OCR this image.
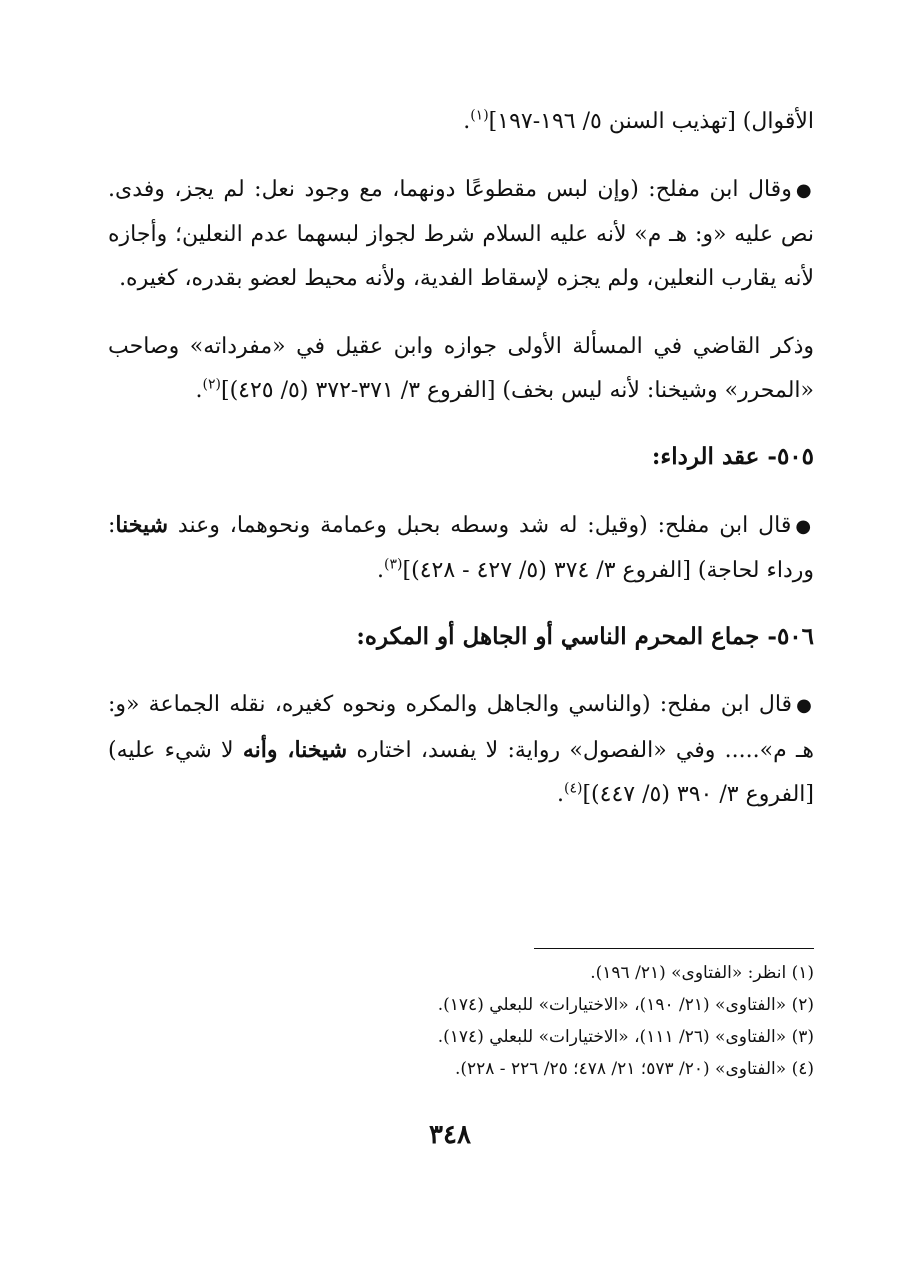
الأقوال) [تهذيب السنن ٥/ ١٩٦-١٩٧]$^{(١)}$.

●وقال ابن مفلح: (وإن لبس مقطوعًا دونهما، مع وجود نعل: لم يجز، وفدى. نص عليه «و: هـ م» لأنه عليه السلام شرط لجواز لبسهما عدم النعلين؛ وأجازه لأنه يقارب النعلين، ولم يجزه لإسقاط الفدية، ولأنه محيط لعضو بقدره، كغيره.

وذكر القاضي في المسألة الأولى جوازه وابن عقيل في «مفرداته» وصاحب «المحرر» وشيخنا: لأنه ليس بخف) [الفروع ٣/ ٣٧١-٣٧٢ (٥/ ٤٢٥)]$^{(٢)}$.

٥٠٥- عقد الرداء:

●قال ابن مفلح: (وقيل: له شد وسطه بحبل وعمامة ونحوهما، وعند شيخنا: ورداء لحاجة) [الفروع ٣/ ٣٧٤ (٥/ ٤٢٧ - ٤٢٨)]$^{(٣)}$.

٥٠٦- جماع المحرم الناسي أو الجاهل أو المكره:

●قال ابن مفلح: (والناسي والجاهل والمكره ونحوه كغيره، نقله الجماعة «و: هـ م»..... وفي «الفصول» رواية: لا يفسد، اختاره شيخنا، وأنه لا شيء عليه) [الفروع ٣/ ٣٩٠ (٥/ ٤٤٧)]$^{(٤)}$.

(١) انظر: «الفتاوى» (٢١/ ١٩٦).

(٢) «الفتاوى» (٢١/ ١٩٠)، «الاختيارات» للبعلي (١٧٤).

(٣) «الفتاوى» (٢٦/ ١١١)، «الاختيارات» للبعلي (١٧٤).

(٤) «الفتاوى» (٢٠/ ٥٧٣؛ ٢١/ ٤٧٨؛ ٢٥/ ٢٢٦ - ٢٢٨).

٣٤٨
